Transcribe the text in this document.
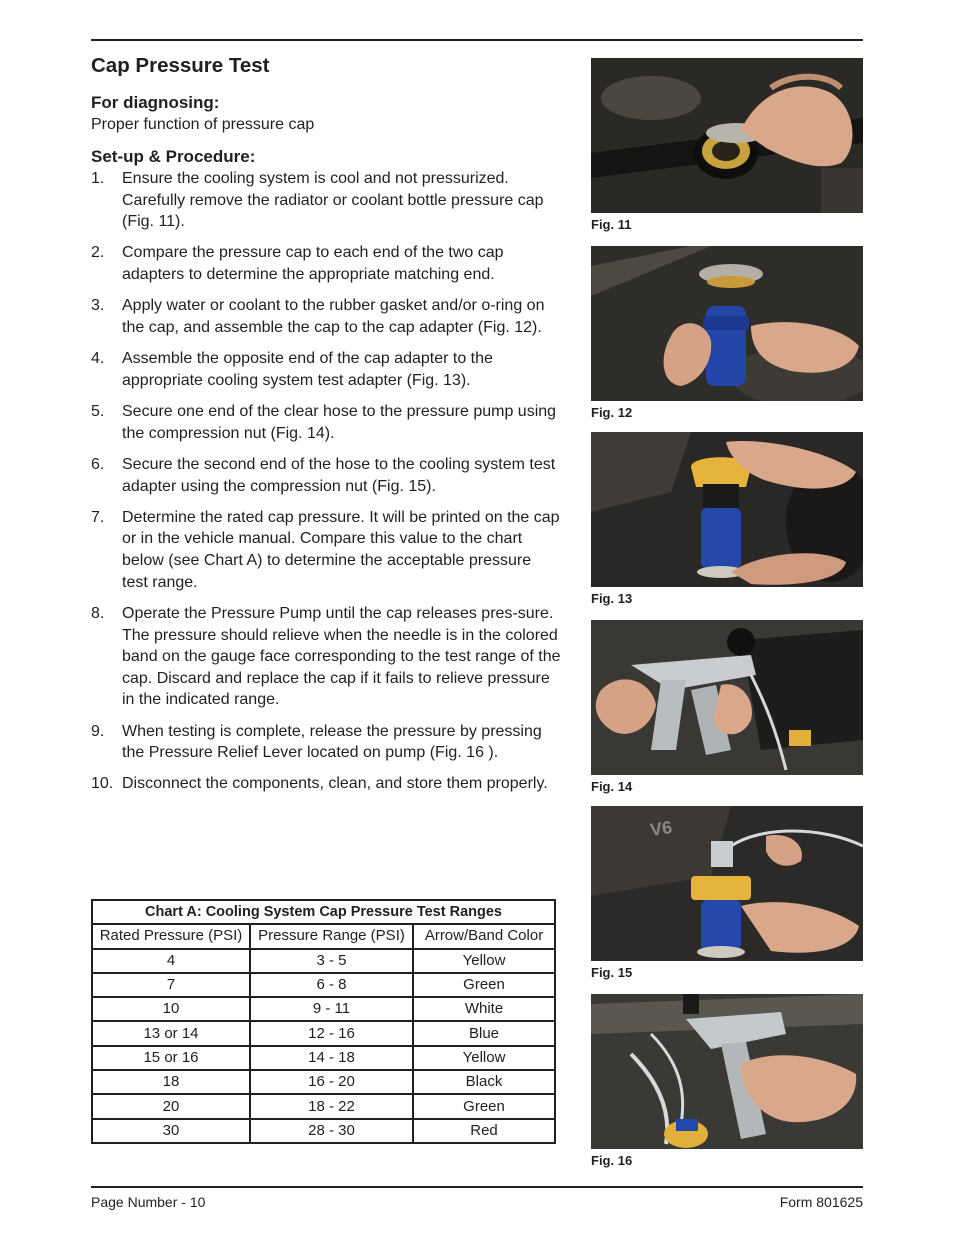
Cap Pressure Test
For diagnosing:

Proper function of pressure cap

Set-up & Procedure:
1. Ensure the cooling system is cool and not pressurized. Carefully remove the radiator or coolant bottle pressure cap (Fig. 11).
2. Compare the pressure cap to each end of the two cap adapters to determine the appropriate matching end.
3. Apply water or coolant to the rubber gasket and/or o-ring on the cap, and assemble the cap to the cap adapter (Fig. 12).
4. Assemble the opposite end of the cap adapter to the appropriate cooling system test adapter (Fig. 13).
5. Secure one end of the clear hose to the pressure pump using the compression nut (Fig. 14).
6. Secure the second end of the hose to the cooling system test adapter using the compression nut (Fig. 15).
7. Determine the rated cap pressure. It will be printed on the cap or in the vehicle manual. Compare this value to the chart below (see Chart A) to determine the acceptable pressure test range.
8. Operate the Pressure Pump until the cap releases pres-sure. The pressure should relieve when the needle is in the colored band on the gauge face corresponding to the test range of the cap. Discard and replace the cap if it fails to relieve pressure in the indicated range.
9. When testing is complete, release the pressure by pressing the Pressure Relief Lever located on pump (Fig. 16 ).
10. Disconnect the components, clean, and store them properly.
Chart A: Cooling System Cap Pressure Test Ranges		
Rated Pressure (PSI)	Pressure Range (PSI)	Arrow/Band Color
4	3 - 5	Yellow
7	6 - 8	Green
10	9 - 11	White
13 or 14	12 - 16	Blue
15 or 16	14 - 18	Yellow
18	16 - 20	Black
20	18 - 22	Green
30	28 - 30	Red
Fig. 11
Fig. 12
Fig. 13
Fig. 14
V6
Fig. 15
Fig. 16
Page Number - 10	Form 801625
